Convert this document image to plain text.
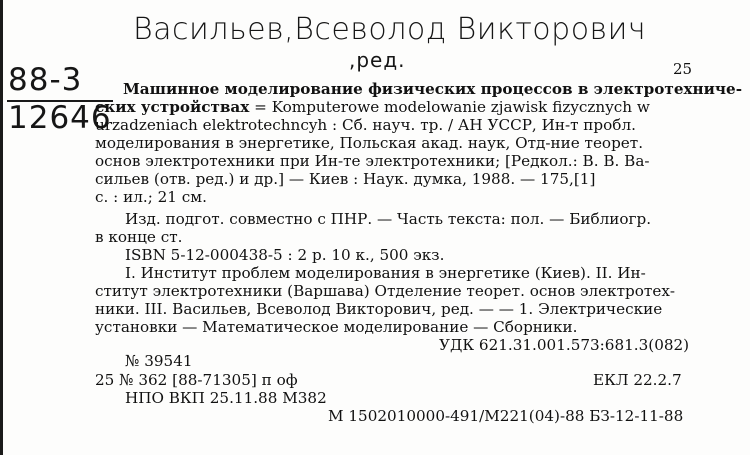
Васильев,Всеволод Викторович
,ред.
88-3
12646
25
Машинное моделирование физических процессов в электротехниче-
ских устройствах = Komputerowe modelowanie zjawisk fizycznych w
urzadzeniach elektrotechncyh : Сб. науч. тр. / АН УССР, Ин-т пробл.
моделирования в энергетике, Польская акад. наук, Отд-ние теорет.
основ электротехники при Ин-те электротехники; [Редкол.: В. В. Ва-
сильев (отв. ред.) и др.] — Киев : Наук. думка, 1988. — 175,[1]
с. : ил.; 21 см.
Изд. подгот. совместно с ПНР. — Часть текста: пол. — Библиогр.
в конце ст.
ISBN 5-12-000438-5 : 2 р. 10 к., 500 экз.
I. Институт проблем моделирования в энергетике (Киев). II. Ин-
ститут электротехники (Варшава) Отделение теорет. основ электротех-
ники. III. Васильев, Всеволод Викторович, ред. — — 1. Электрические
установки — Математическое моделирование — Сборники.
УДК 621.31.001.573:681.3(082)
№ 39541
25 № 362 [88-71305] п оф	ЕКЛ 22.2.7
НПО ВКП 25.11.88 М382
М 1502010000-491/М221(04)-88 БЗ-12-11-88
